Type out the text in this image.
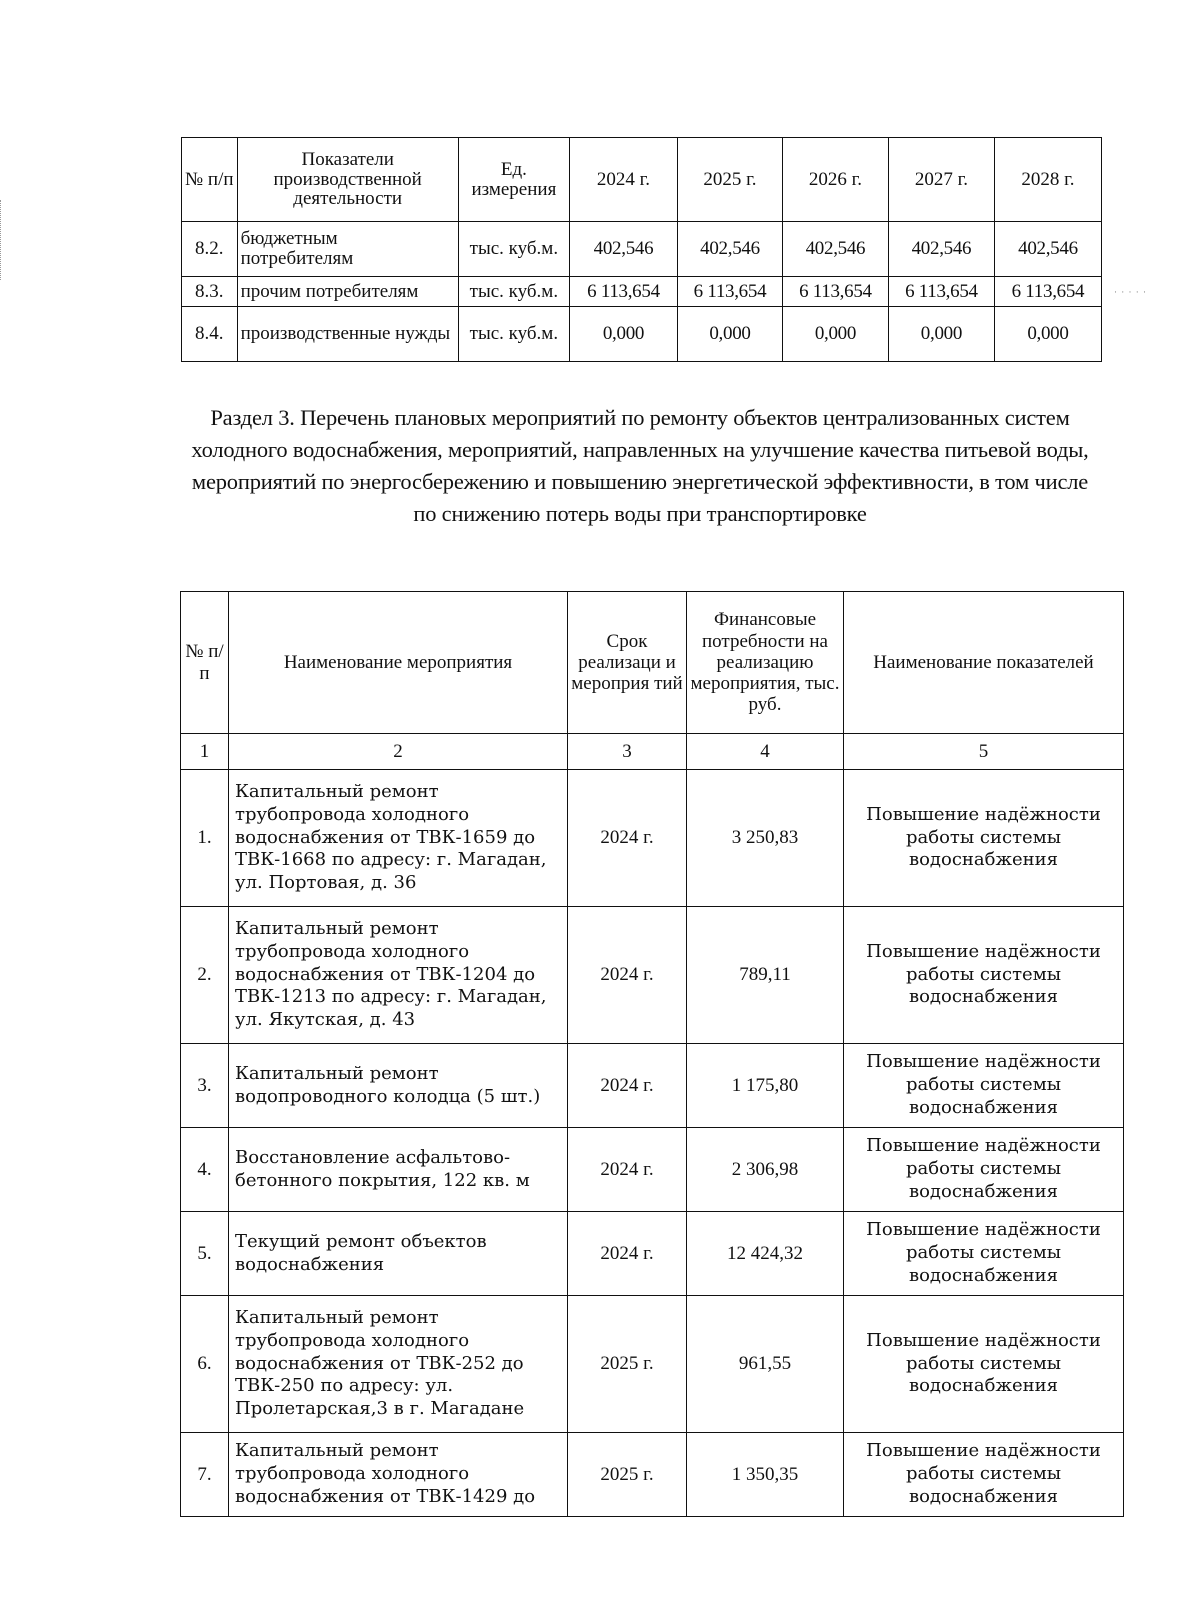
· · · · ·
№ п/п	Показатели производственной деятельности	Ед. измерения	2024 г.	2025 г.	2026 г.	2027 г.	2028 г.
8.2.	бюджетным потребителям	тыс. куб.м.	402,546	402,546	402,546	402,546	402,546
8.3.	прочим потребителям	тыс. куб.м.	6 113,654	6 113,654	6 113,654	6 113,654	6 113,654
8.4.	производственные нужды	тыс. куб.м.	0,000	0,000	0,000	0,000	0,000
Раздел 3. Перечень плановых мероприятий по ремонту объектов централизованных систем холодного водоснабжения, мероприятий, направленных на улучшение качества питьевой воды, мероприятий по энергосбережению и повышению энергетической эффективности, в том числе по снижению потерь воды при транспортировке
№ п/п	Наименование мероприятия	Срок реализаци и мероприя тий	Финансовые потребности на реализацию мероприятия, тыс. руб.	Наименование показателей
1	2	3	4	5
1.	Капитальный ремонт трубопровода холодного водоснабжения от ТВК-1659 до ТВК-1668 по адресу: г. Магадан, ул. Портовая, д. 36	2024 г.	3 250,83	Повышение надёжности работы системы водоснабжения
2.	Капитальный ремонт трубопровода холодного водоснабжения от ТВК-1204 до ТВК-1213 по адресу: г. Магадан, ул. Якутская, д. 43	2024 г.	789,11	Повышение надёжности работы системы водоснабжения
3.	Капитальный ремонт водопроводного колодца (5 шт.)	2024 г.	1 175,80	Повышение надёжности работы системы водоснабжения
4.	Восстановление асфальтово-бетонного покрытия, 122 кв. м	2024 г.	2 306,98	Повышение надёжности работы системы водоснабжения
5.	Текущий ремонт объектов водоснабжения	2024 г.	12 424,32	Повышение надёжности работы системы водоснабжения
6.	Капитальный ремонт трубопровода холодного водоснабжения от ТВК-252 до ТВК-250 по адресу: ул. Пролетарская,3 в г. Магадане	2025 г.	961,55	Повышение надёжности работы системы водоснабжения
7.	Капитальный ремонт трубопровода холодного водоснабжения от ТВК-1429 до	2025 г.	1 350,35	Повышение надёжности работы системы водоснабжения
